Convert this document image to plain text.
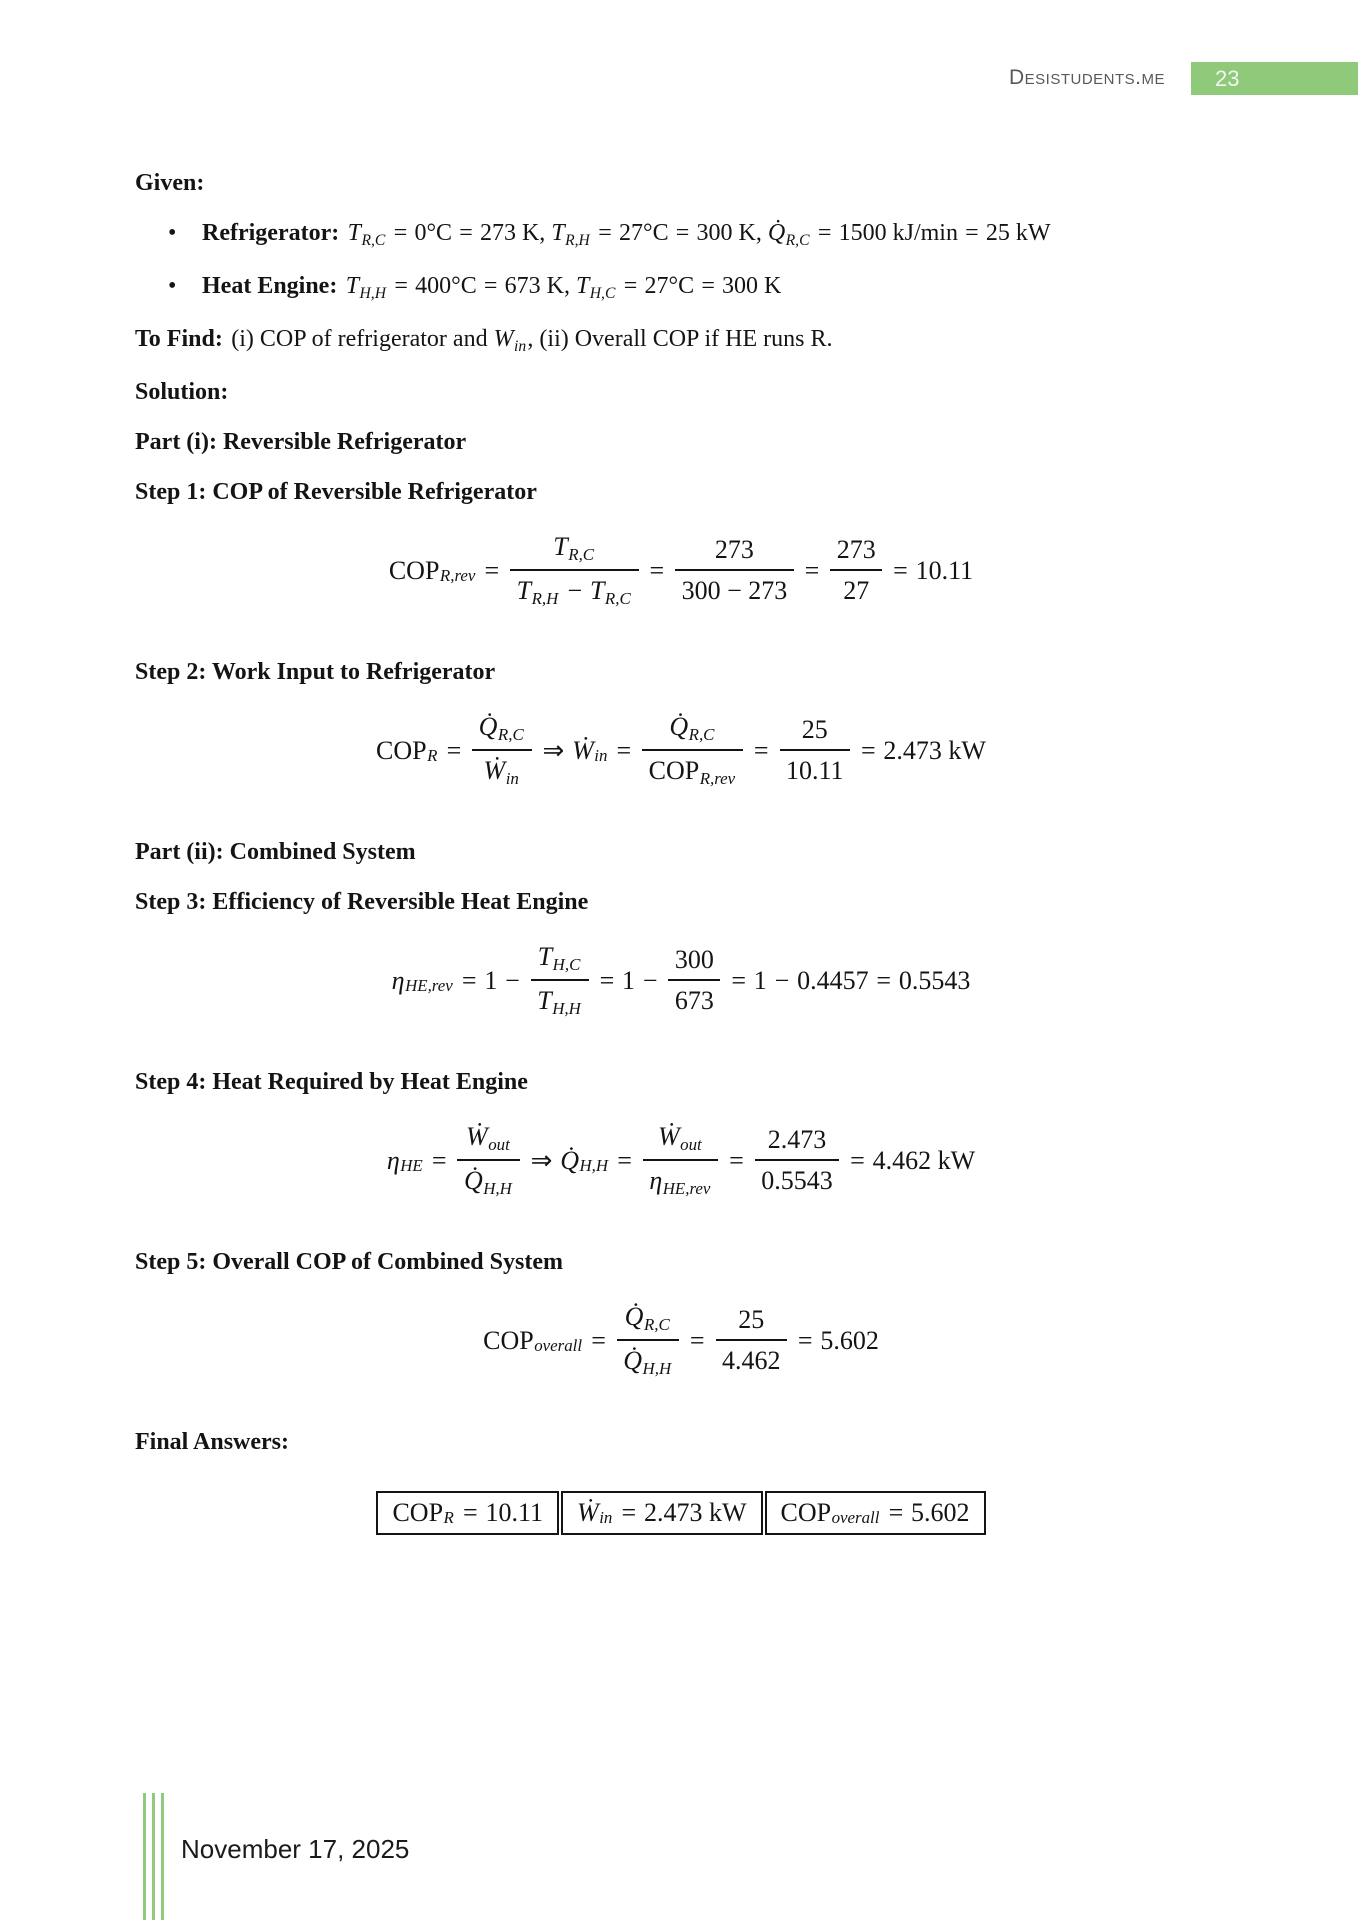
Desistudents.me	23

Given:

•	Refrigerator: TR,C = 0°C = 273 K, TR,H = 27°C = 300 K, Q̇R,C = 1500 kJ/min = 25 kW
•	Heat Engine: TH,H = 400°C = 673 K, TH,C = 27°C = 300 K

To Find: (i) COP of refrigerator and Win, (ii) Overall COP if HE runs R.

Solution:

Part (i): Reversible Refrigerator

Step 1: COP of Reversible Refrigerator

COP $R,rev = \frac{TR,C}{TR,H - TR,C} = \frac{273}{300 - 273} = \frac{273}{27} = 10.11$

Step 2: Work Input to Refrigerator

COP $R = \frac{Q̇R,C}{\text{Ẇin}}$ ⇒ Ẇ in = $\frac{Q̇R,C}{\text{COPR,rev}} = \frac{25}{10.11} = 2.473$ kW

Part (ii): Combined System

Step 3: Efficiency of Reversible Heat Engine

η $HE,rev = 1 - \frac{TH,C}{TH,H} = 1 - \frac{300}{673} = 1 - 0.4457 = 0.5543$

Step 4: Heat Required by Heat Engine

η HE = $\frac{\text{Ẇout}}{Q̇H,H}$ ⇒ Q̇ $H,H = \frac{\text{Ẇout}}{\text{ηHE,rev}} = \frac{2.473}{0.5543} = 4.462$ kW

Step 5: Overall COP of Combined System

COP overall = $\frac{Q̇R,C}{Q̇H,H} = \frac{25}{4.462} = 5.602$

Final Answers:

COP R = 10.11 Ẇ in = 2.473 kW COP overall = 5.602
November 17, 2025
